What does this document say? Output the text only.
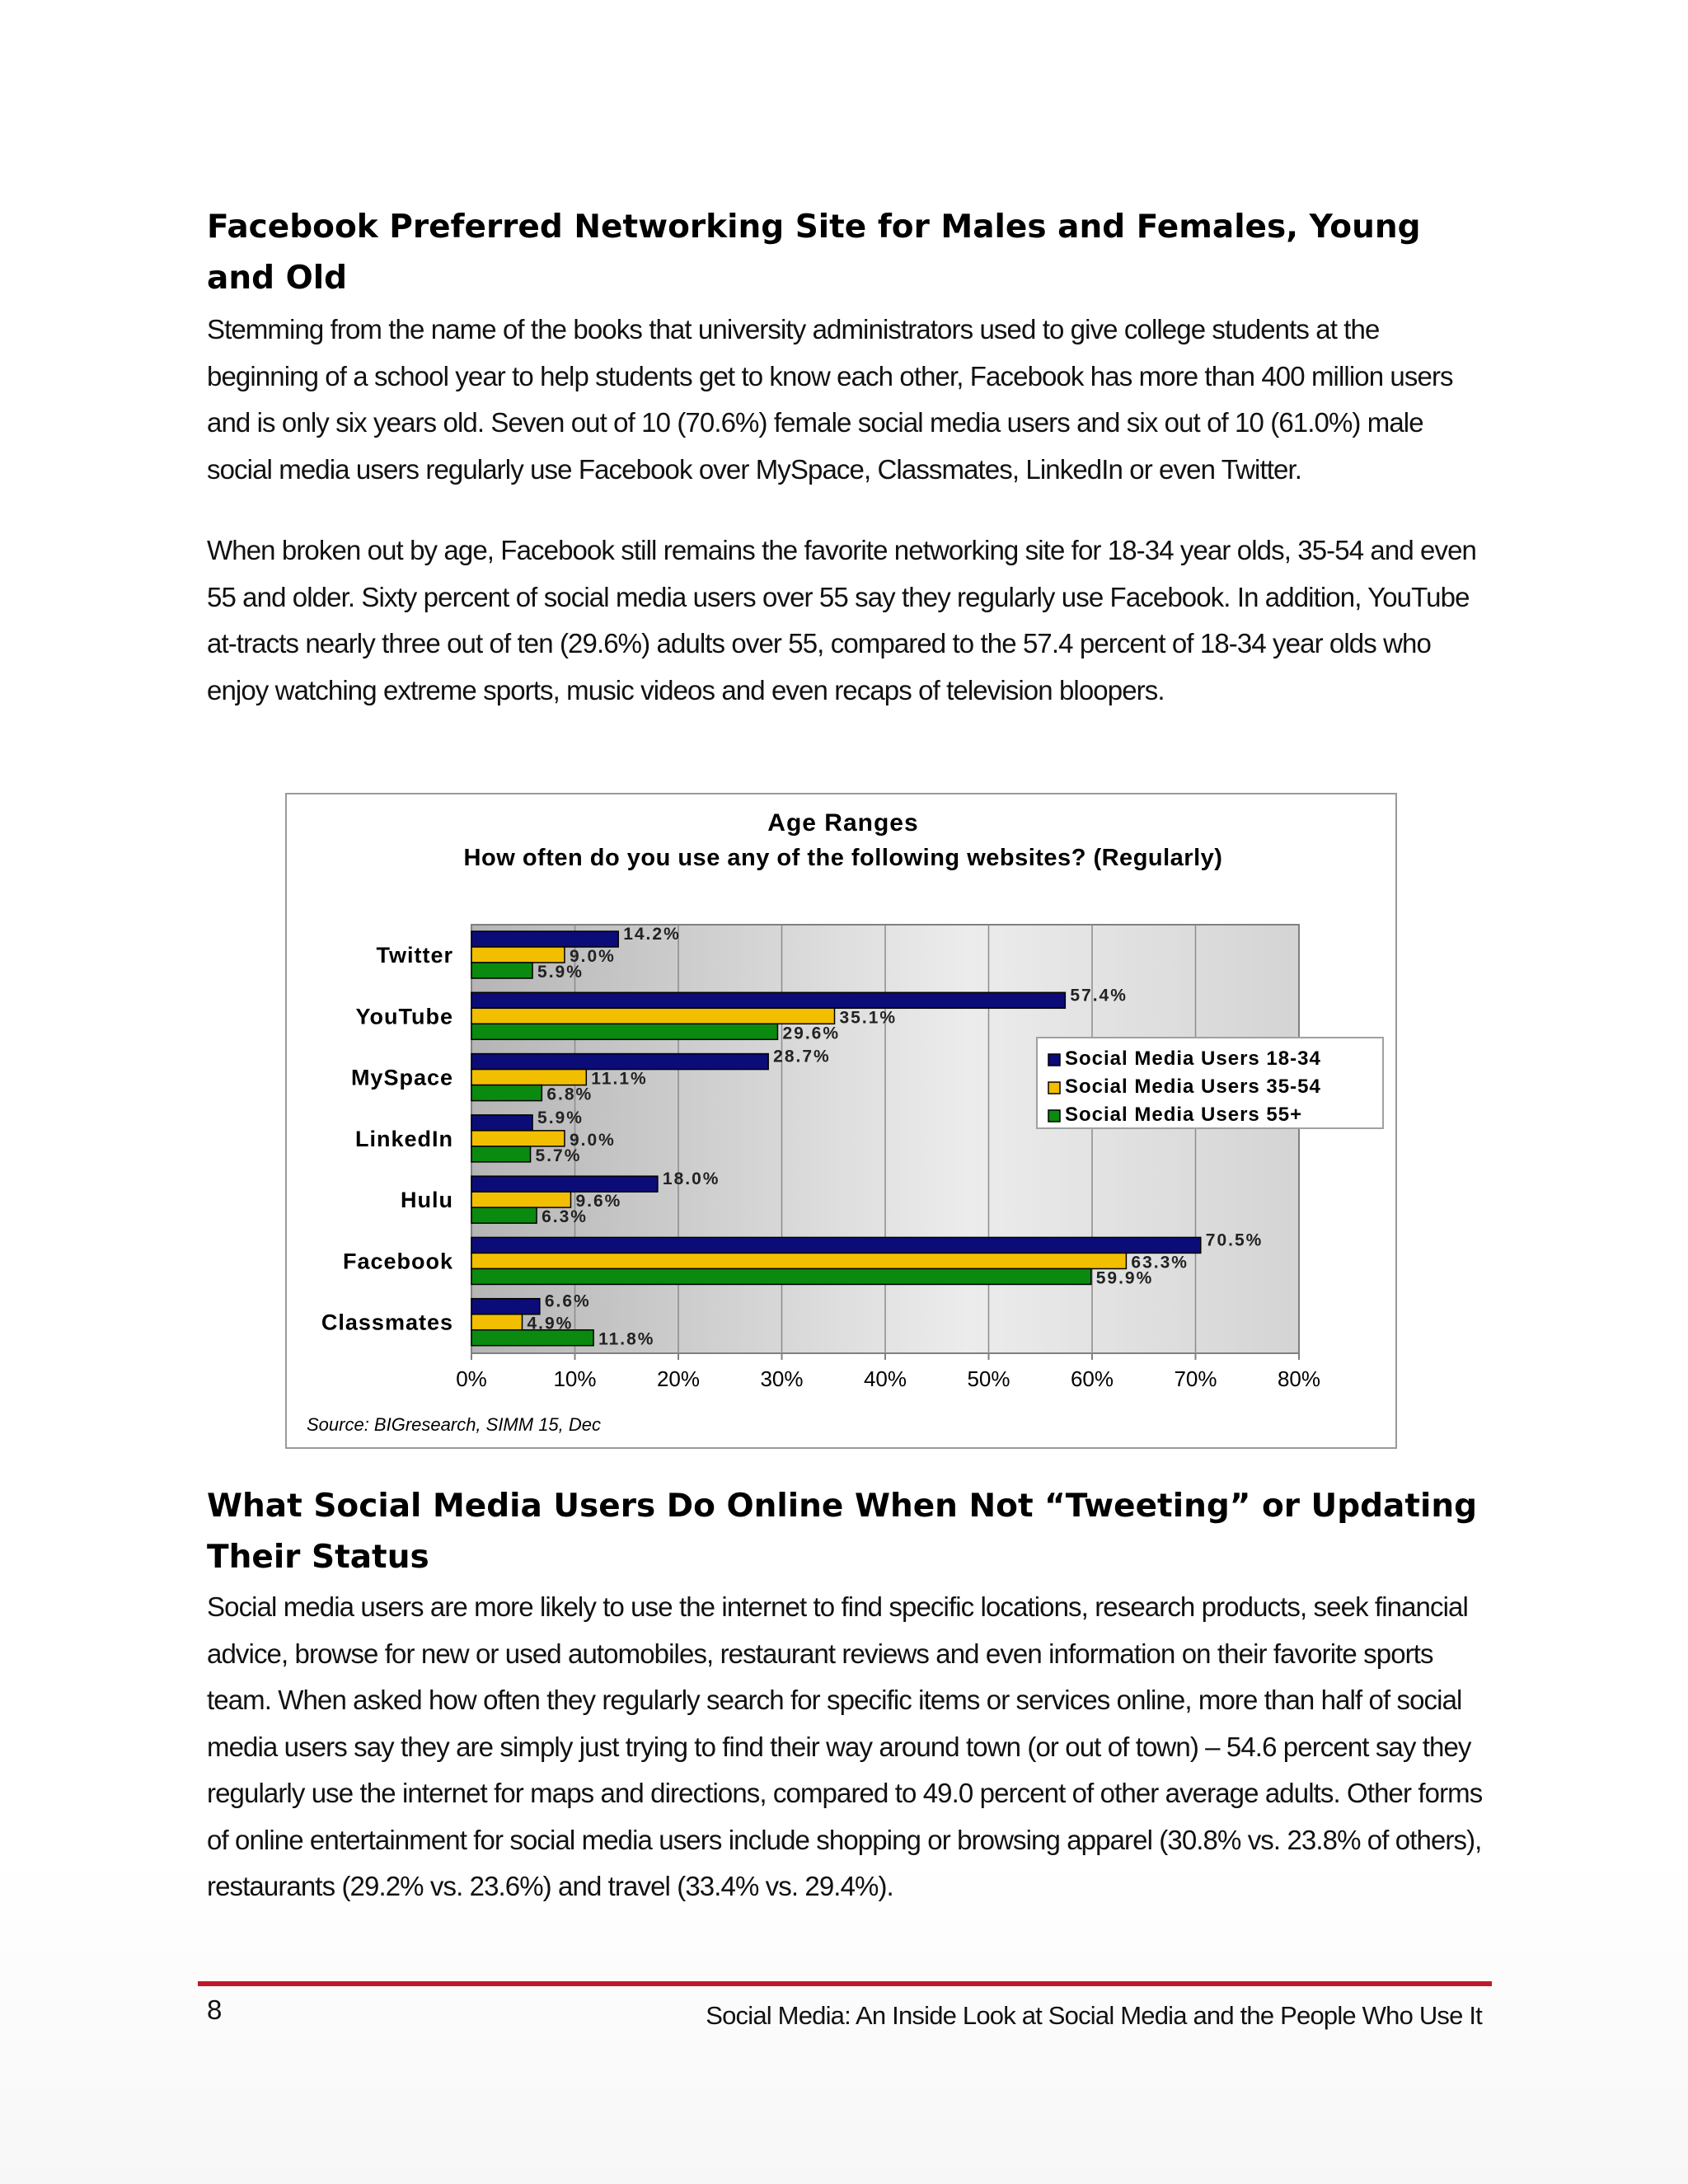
Facebook Preferred Networking Site for Males and Females, Young and Old

Stemming from the name of the books that university administrators used to give college students at the beginning of a school year to help students get to know each other, Facebook has more than 400 million users and is only six years old. Seven out of 10 (70.6%) female social media users and six out of 10 (61.0%) male social media users regularly use Facebook over MySpace, Classmates, LinkedIn or even Twitter.

When broken out by age, Facebook still remains the favorite networking site for 18-34 year olds, 35-54 and even 55 and older. Sixty percent of social media users over 55 say they regularly use Facebook. In addition, YouTube at-tracts nearly three out of ten (29.6%) adults over 55, compared to the 57.4 percent of 18-34 year olds who enjoy watching extreme sports, music videos and even recaps of television bloopers.

Age Ranges
How often do you use any of the following websites? (Regularly)
14.2%
9.0%
5.9%
57.4%
35.1%
29.6%
28.7%
11.1%
6.8%
5.9%
9.0%
5.7%
18.0%
9.6%
6.3%
70.5%
63.3%
59.9%
6.6%
4.9%
11.8%
Twitter
YouTube
MySpace
LinkedIn
Hulu
Facebook
Classmates
0%	10%	20%	30%	40%	50%	60%	70%	80%
Social Media Users 18-34
Social Media Users 35-54
Social Media Users 55+
Source: BIGresearch, SIMM 15, Dec
What Social Media Users Do Online When Not “Tweeting” or Updating Their Status

Social media users are more likely to use the internet to find specific locations, research products, seek financial advice, browse for new or used automobiles, restaurant reviews and even information on their favorite sports team. When asked how often they regularly search for specific items or services online, more than half of social media users say they are simply just trying to find their way around town (or out of town) – 54.6 percent say they regularly use the internet for maps and directions, compared to 49.0 percent of other average adults. Other forms of online entertainment for social media users include shopping or browsing apparel (30.8% vs. 23.8% of others), restaurants (29.2% vs. 23.6%) and travel (33.4% vs. 29.4%).

8	Social Media: An Inside Look at Social Media and the People Who Use It
